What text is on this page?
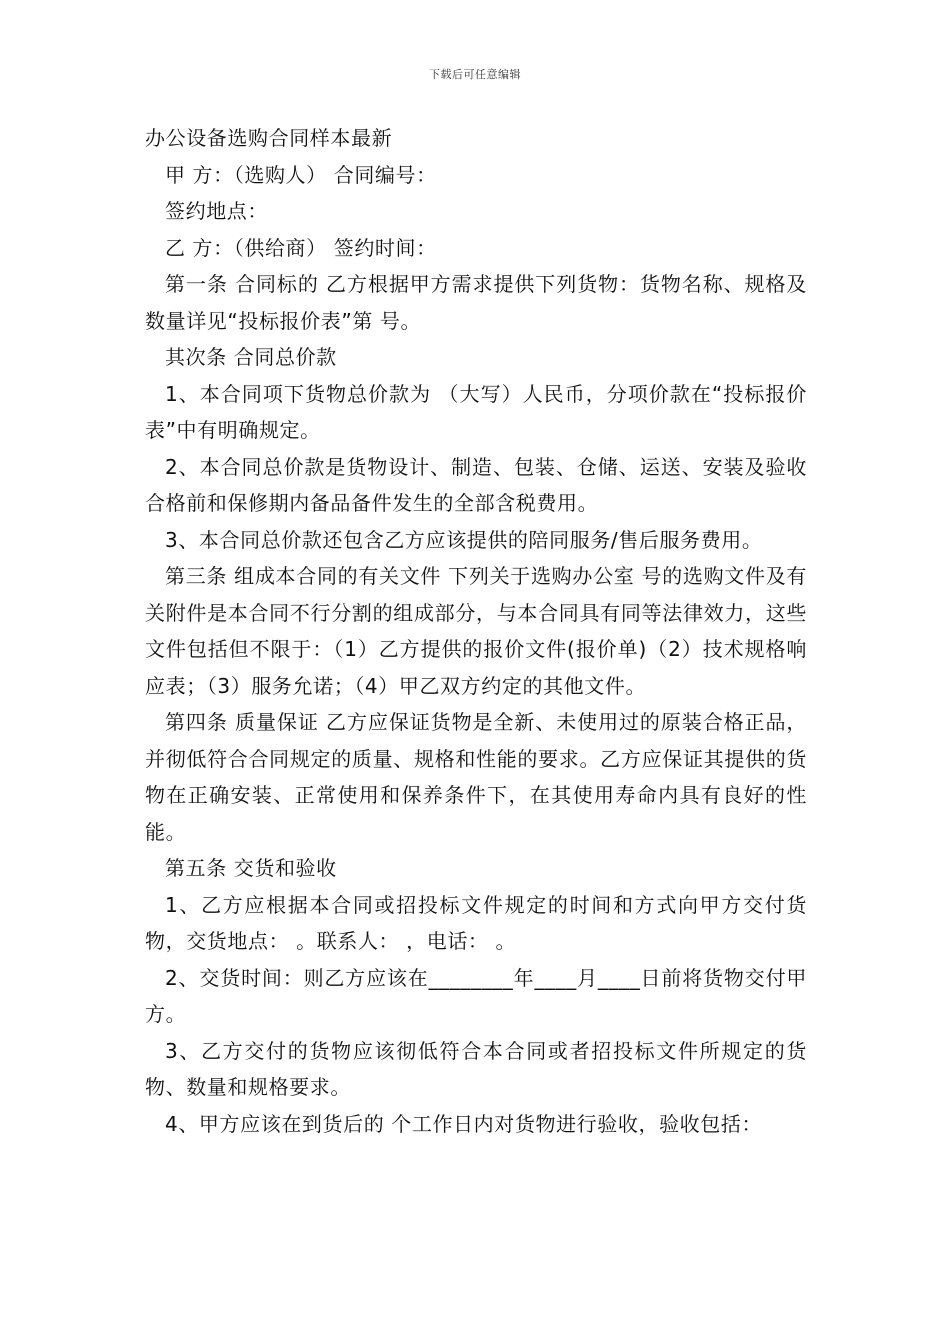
下载后可任意编辑
办公设备选购合同样本最新

甲 方：（选购人） 合同编号：

签约地点：

乙 方：（供给商） 签约时间：

第一条 合同标的 乙方根据甲方需求提供下列货物：货物名称、规格及数量详见“投标报价表”第 号。

其次条 合同总价款

1、本合同项下货物总价款为 （大写）人民币，分项价款在“投标报价表”中有明确规定。

2、本合同总价款是货物设计、制造、包装、仓储、运送、安装及验收合格前和保修期内备品备件发生的全部含税费用。

3、本合同总价款还包含乙方应该提供的陪同服务/售后服务费用。

第三条 组成本合同的有关文件 下列关于选购办公室 号的选购文件及有关附件是本合同不行分割的组成部分，与本合同具有同等法律效力，这些文件包括但不限于：（1）乙方提供的报价文件(报价单)（2）技术规格响应表；（3）服务允诺；（4）甲乙双方约定的其他文件。

第四条 质量保证 乙方应保证货物是全新、未使用过的原装合格正品，并彻低符合合同规定的质量、规格和性能的要求。乙方应保证其提供的货物在正确安装、正常使用和保养条件下，在其使用寿命内具有良好的性能。

第五条 交货和验收

1、乙方应根据本合同或招投标文件规定的时间和方式向甲方交付货物，交货地点： 。联系人： ，电话： 。

2、交货时间：则乙方应该在________年____月____日前将货物交付甲方。

3、乙方交付的货物应该彻低符合本合同或者招投标文件所规定的货物、数量和规格要求。

4、甲方应该在到货后的 个工作日内对货物进行验收，验收包括：
